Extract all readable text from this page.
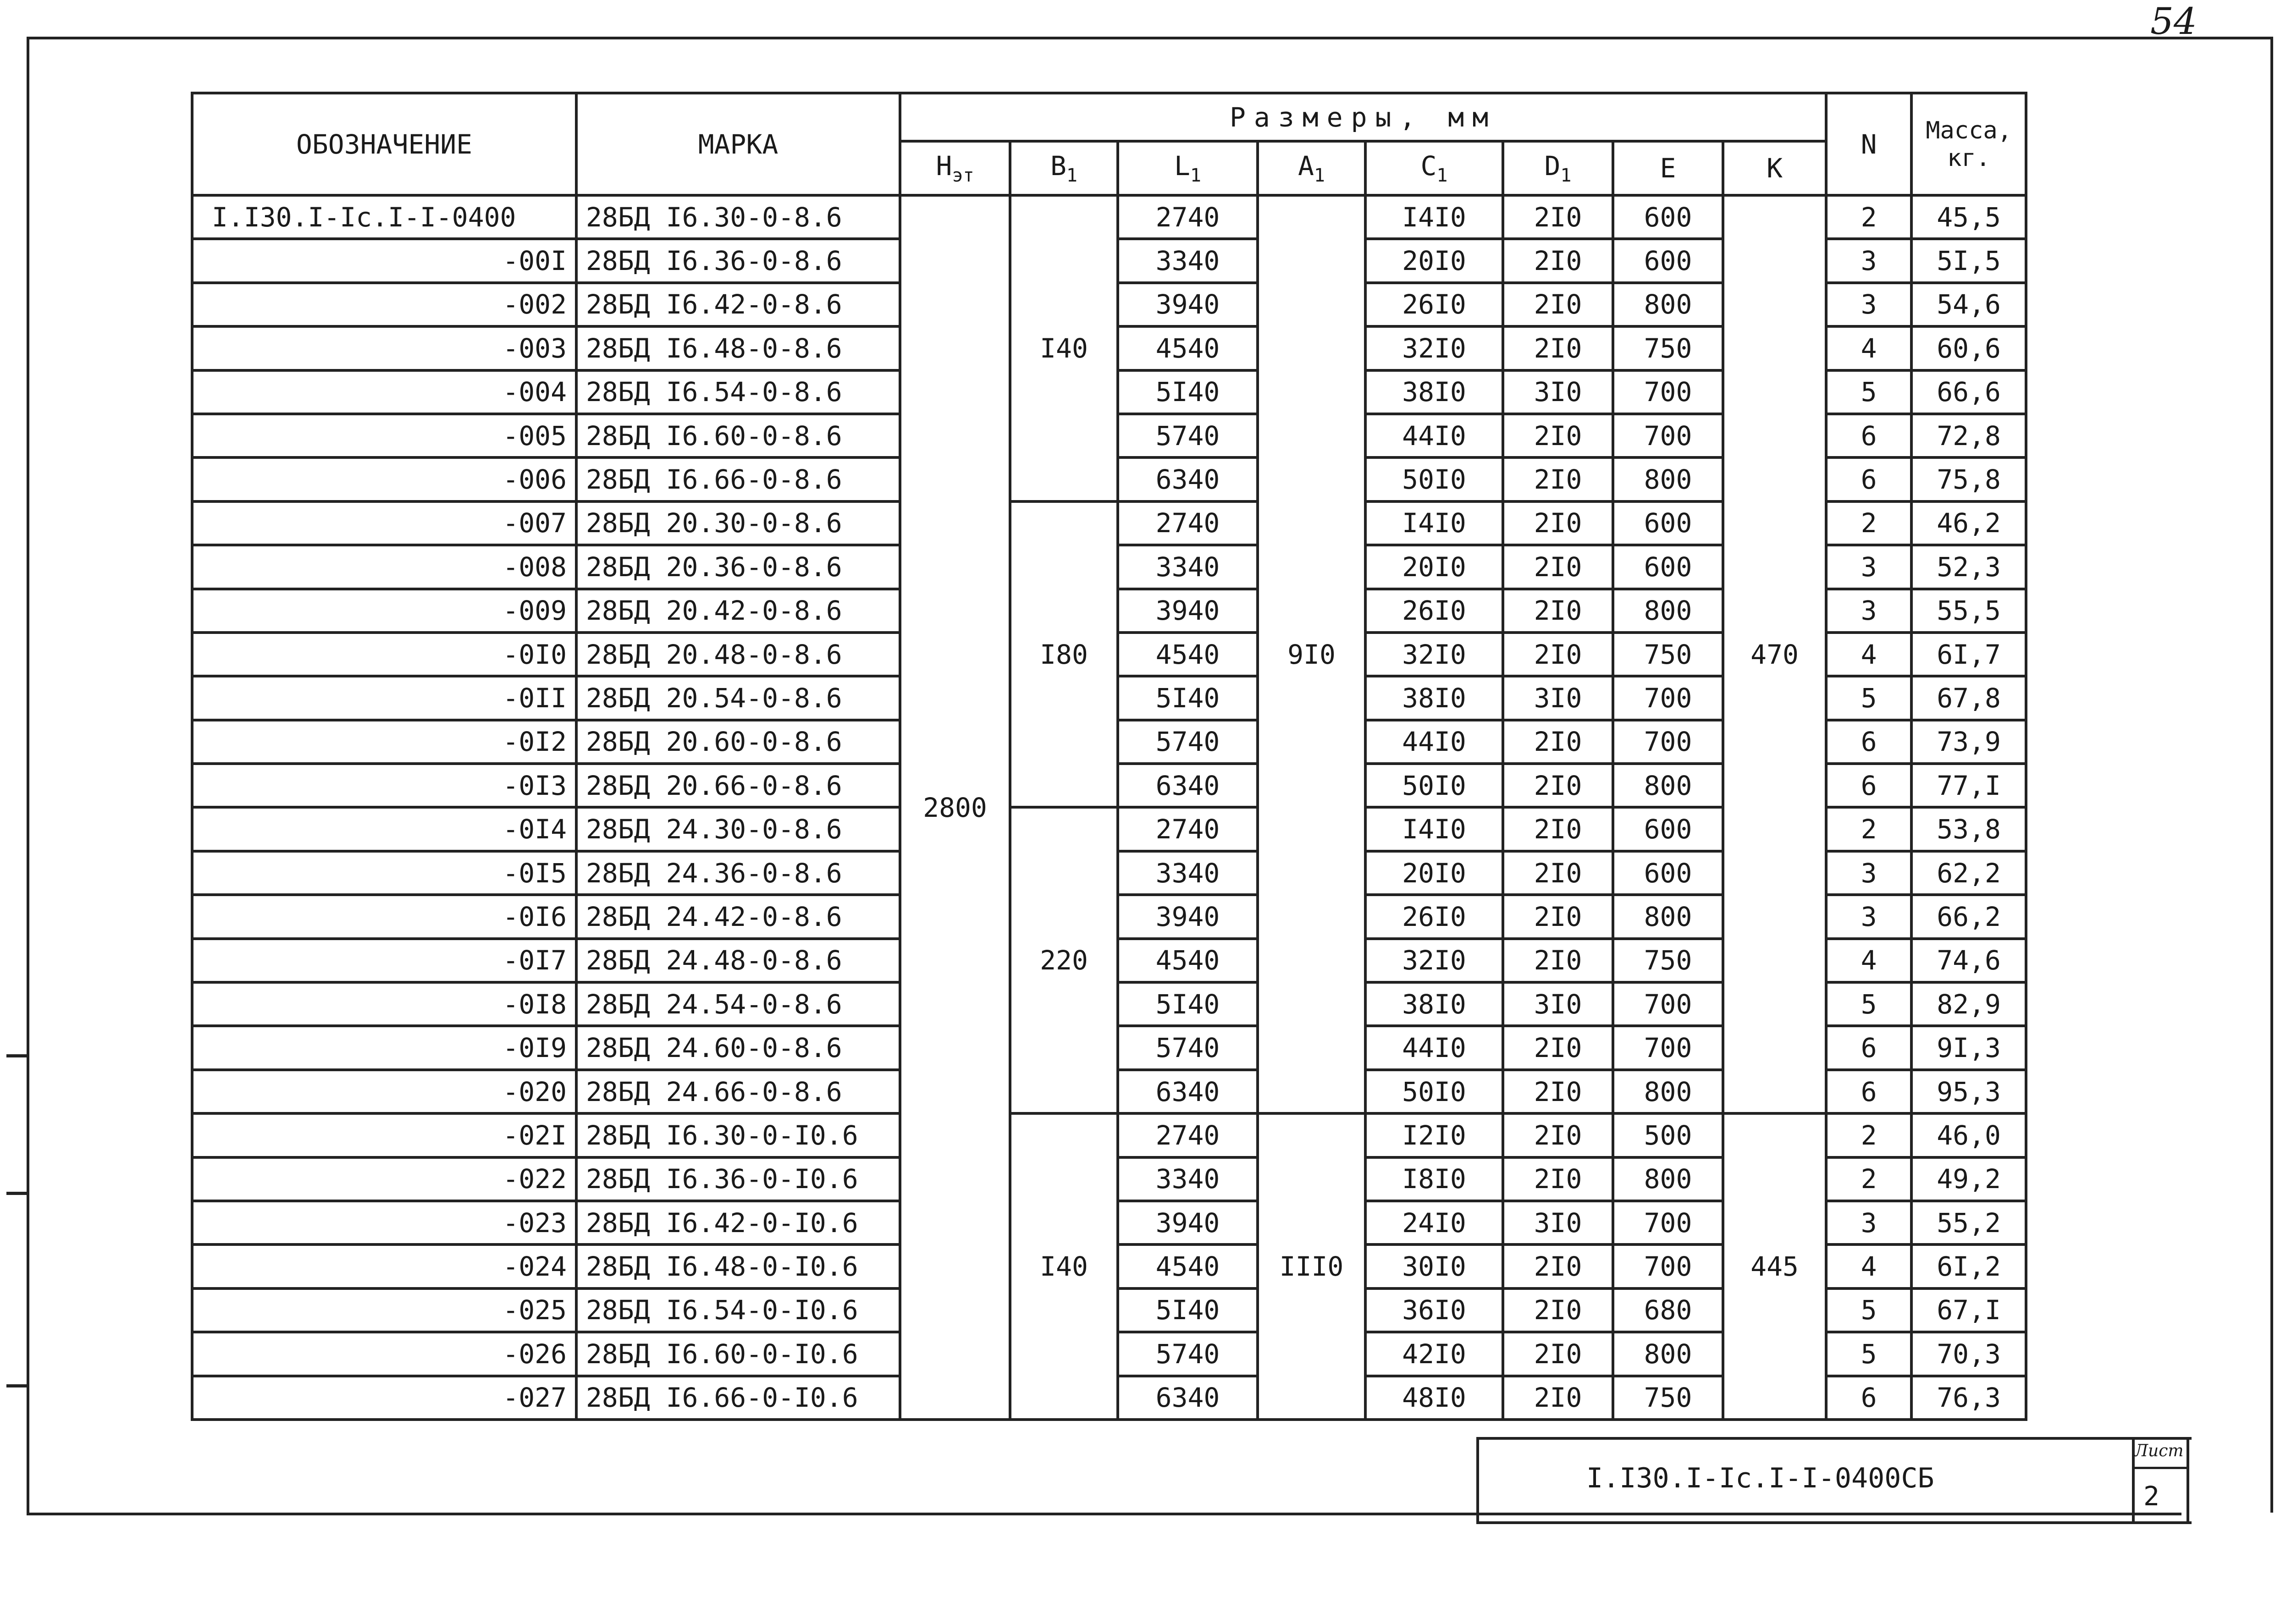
54
ОБОЗНАЧЕНИЕ	МАРКА	Размеры, мм								N	Масса, кг.
		$H_{эт}$	$B_1$	$L_1$	$A_1$	$C_1$	$D_1$	E	K		
I.I30.I-Ic.I-I-0400	28БД I6.30-0-8.6	2800	I40	2740	9I0	I4I0	2I0	600	470	2	45,5
-00I	28БД I6.36-0-8.6			3340		20I0	2I0	600		3	5I,5
-002	28БД I6.42-0-8.6			3940		26I0	2I0	800		3	54,6
-003	28БД I6.48-0-8.6			4540		32I0	2I0	750		4	60,6
-004	28БД I6.54-0-8.6			5I40		38I0	3I0	700		5	66,6
-005	28БД I6.60-0-8.6			5740		44I0	2I0	700		6	72,8
-006	28БД I6.66-0-8.6			6340		50I0	2I0	800		6	75,8
-007	28БД 20.30-0-8.6		I80	2740		I4I0	2I0	600		2	46,2
-008	28БД 20.36-0-8.6			3340		20I0	2I0	600		3	52,3
-009	28БД 20.42-0-8.6			3940		26I0	2I0	800		3	55,5
-0I0	28БД 20.48-0-8.6			4540		32I0	2I0	750		4	6I,7
-0II	28БД 20.54-0-8.6			5I40		38I0	3I0	700		5	67,8
-0I2	28БД 20.60-0-8.6			5740		44I0	2I0	700		6	73,9
-0I3	28БД 20.66-0-8.6			6340		50I0	2I0	800		6	77,I
-0I4	28БД 24.30-0-8.6		220	2740		I4I0	2I0	600		2	53,8
-0I5	28БД 24.36-0-8.6			3340		20I0	2I0	600		3	62,2
-0I6	28БД 24.42-0-8.6			3940		26I0	2I0	800		3	66,2
-0I7	28БД 24.48-0-8.6			4540		32I0	2I0	750		4	74,6
-0I8	28БД 24.54-0-8.6			5I40		38I0	3I0	700		5	82,9
-0I9	28БД 24.60-0-8.6			5740		44I0	2I0	700		6	9I,3
-020	28БД 24.66-0-8.6			6340		50I0	2I0	800		6	95,3
-02I	28БД I6.30-0-I0.6		I40	2740	III0	I2I0	2I0	500	445	2	46,0
-022	28БД I6.36-0-I0.6			3340		I8I0	2I0	800		2	49,2
-023	28БД I6.42-0-I0.6			3940		24I0	3I0	700		3	55,2
-024	28БД I6.48-0-I0.6			4540		30I0	2I0	700		4	6I,2
-025	28БД I6.54-0-I0.6			5I40		36I0	2I0	680		5	67,I
-026	28БД I6.60-0-I0.6			5740		42I0	2I0	800		5	70,3
-027	28БД I6.66-0-I0.6			6340		48I0	2I0	750		6	76,3
I.I30.I-Ic.I-I-0400СБ
Лист
2
